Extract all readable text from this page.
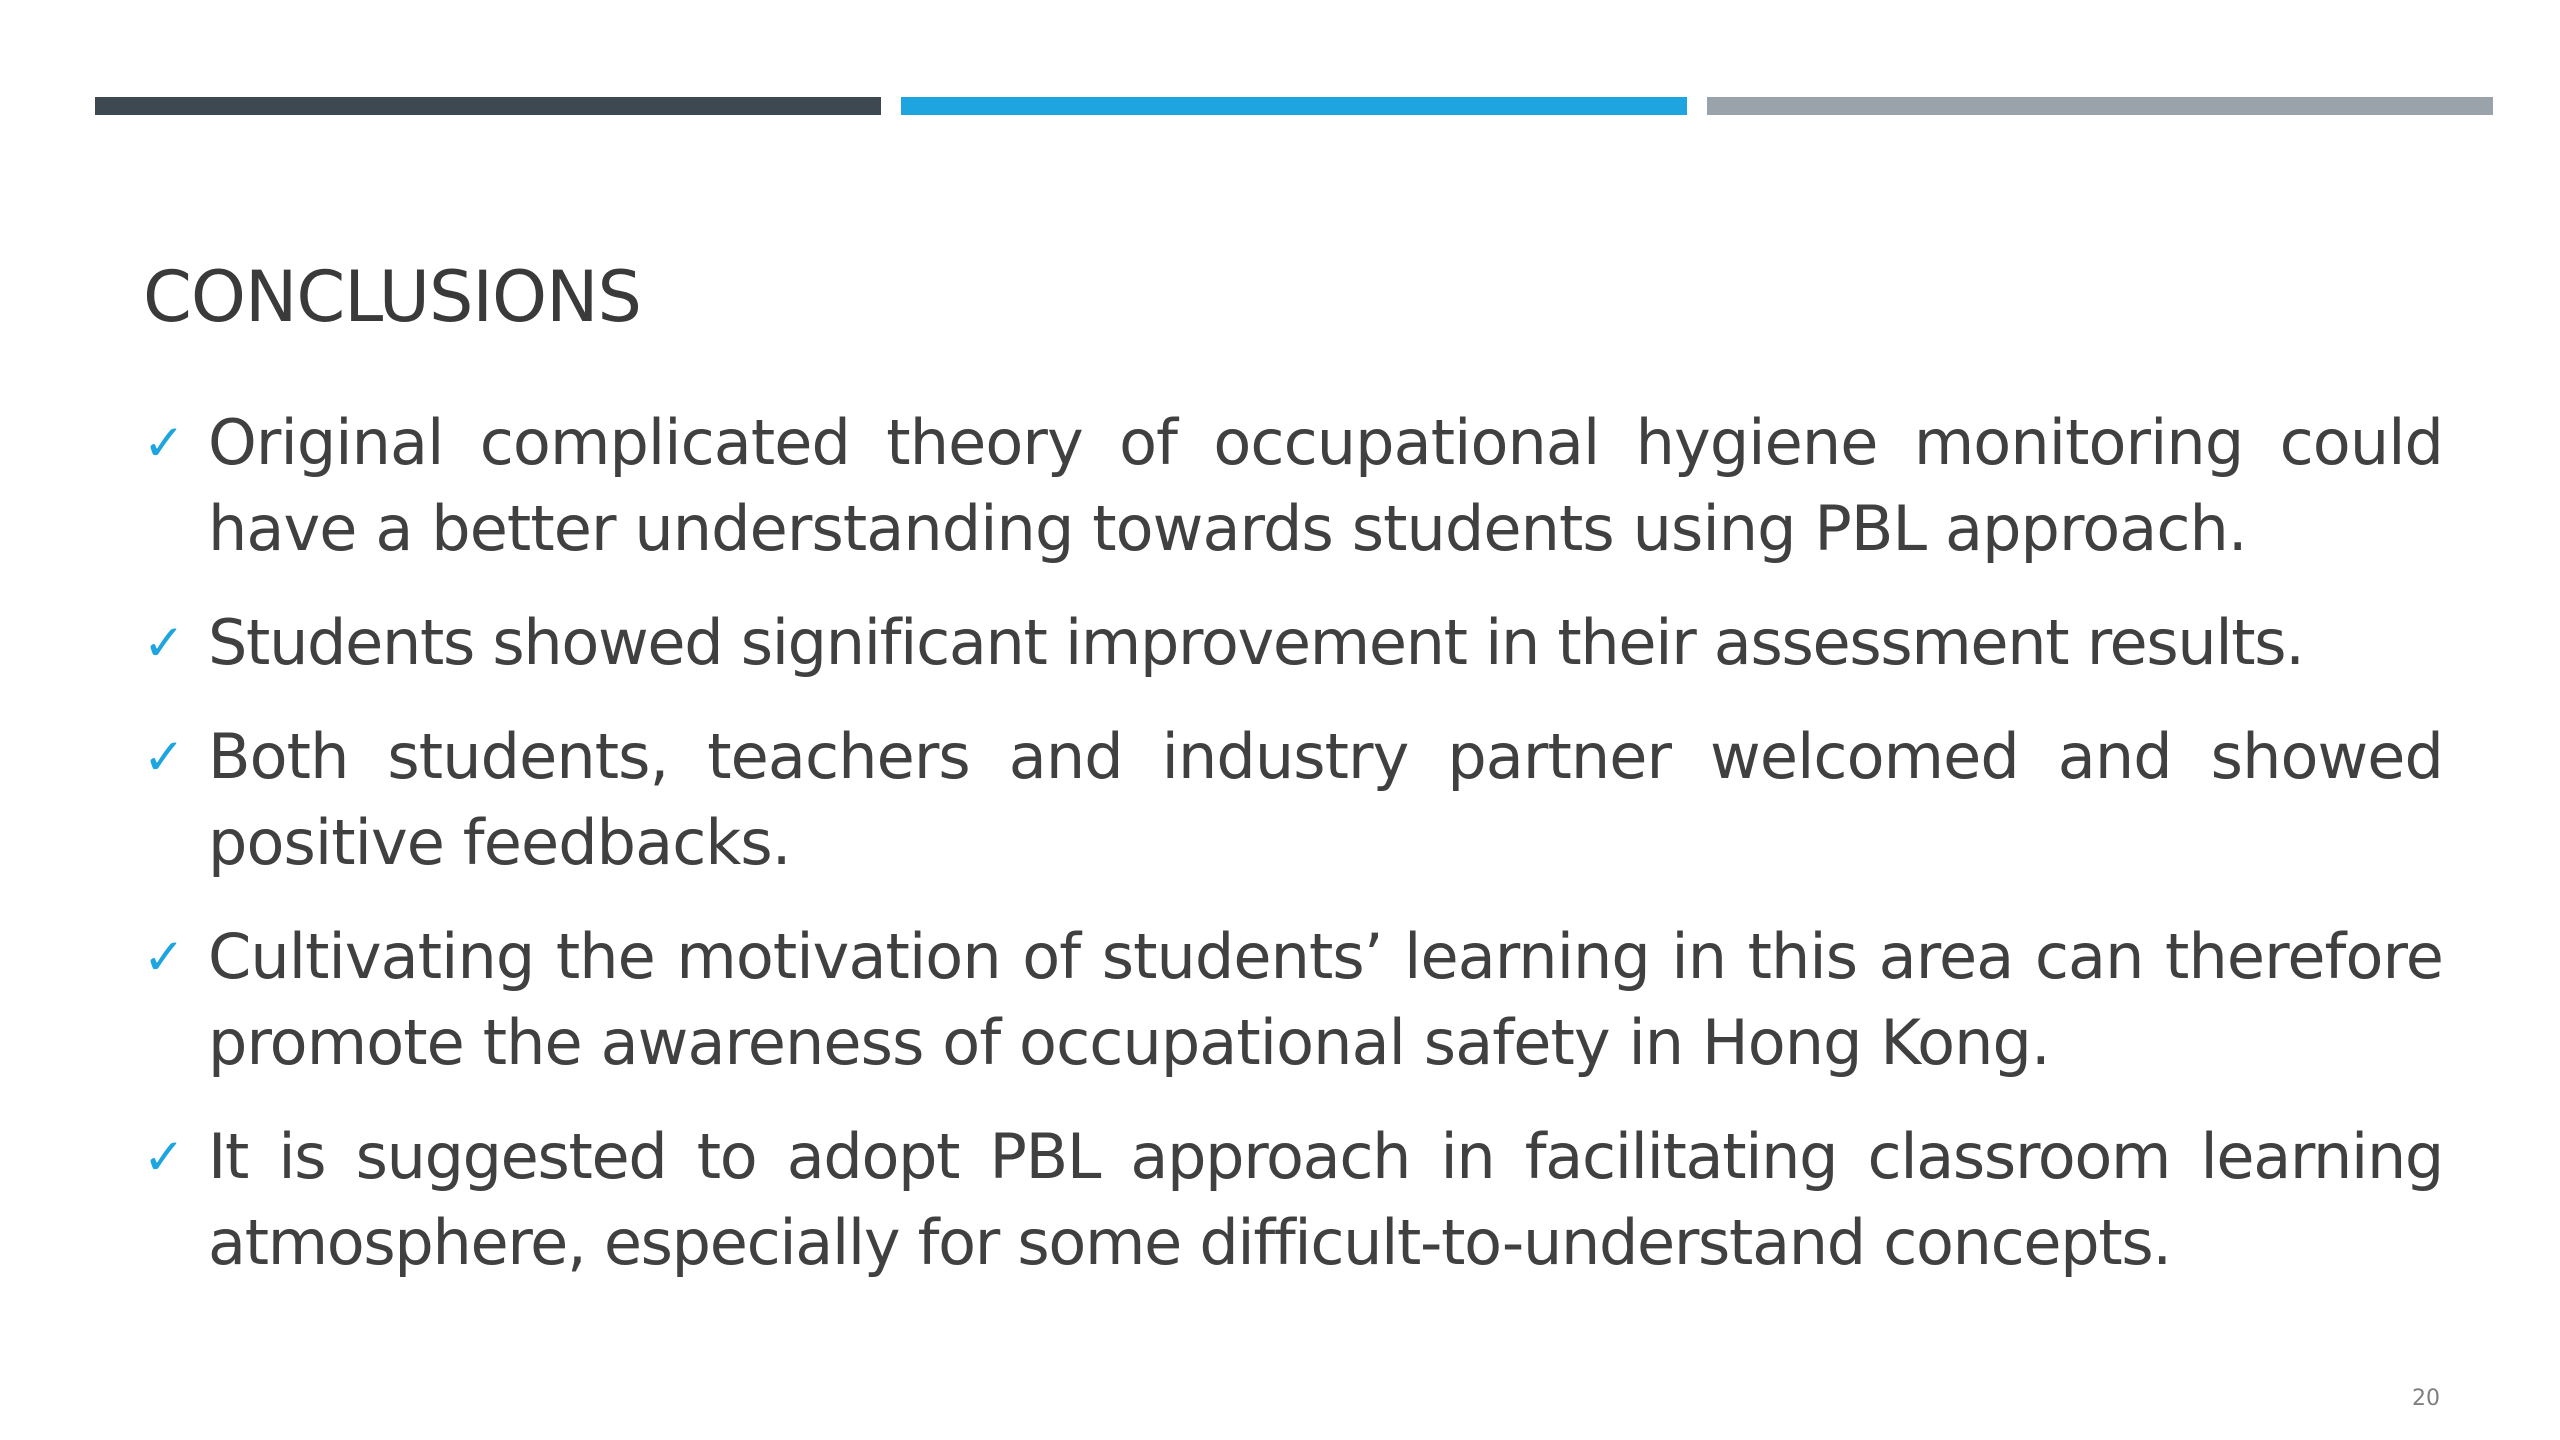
CONCLUSIONS
✓ Original complicated theory of occupational hygiene monitoring could have a better understanding towards students using PBL approach.
✓ Students showed significant improvement in their assessment results.
✓ Both students, teachers and industry partner welcomed and showed positive feedbacks.
✓ Cultivating the motivation of students’ learning in this area can therefore promote the awareness of occupational safety in Hong Kong.
✓ It is suggested to adopt PBL approach in facilitating classroom learning atmosphere, especially for some difficult-to-understand concepts.
20
